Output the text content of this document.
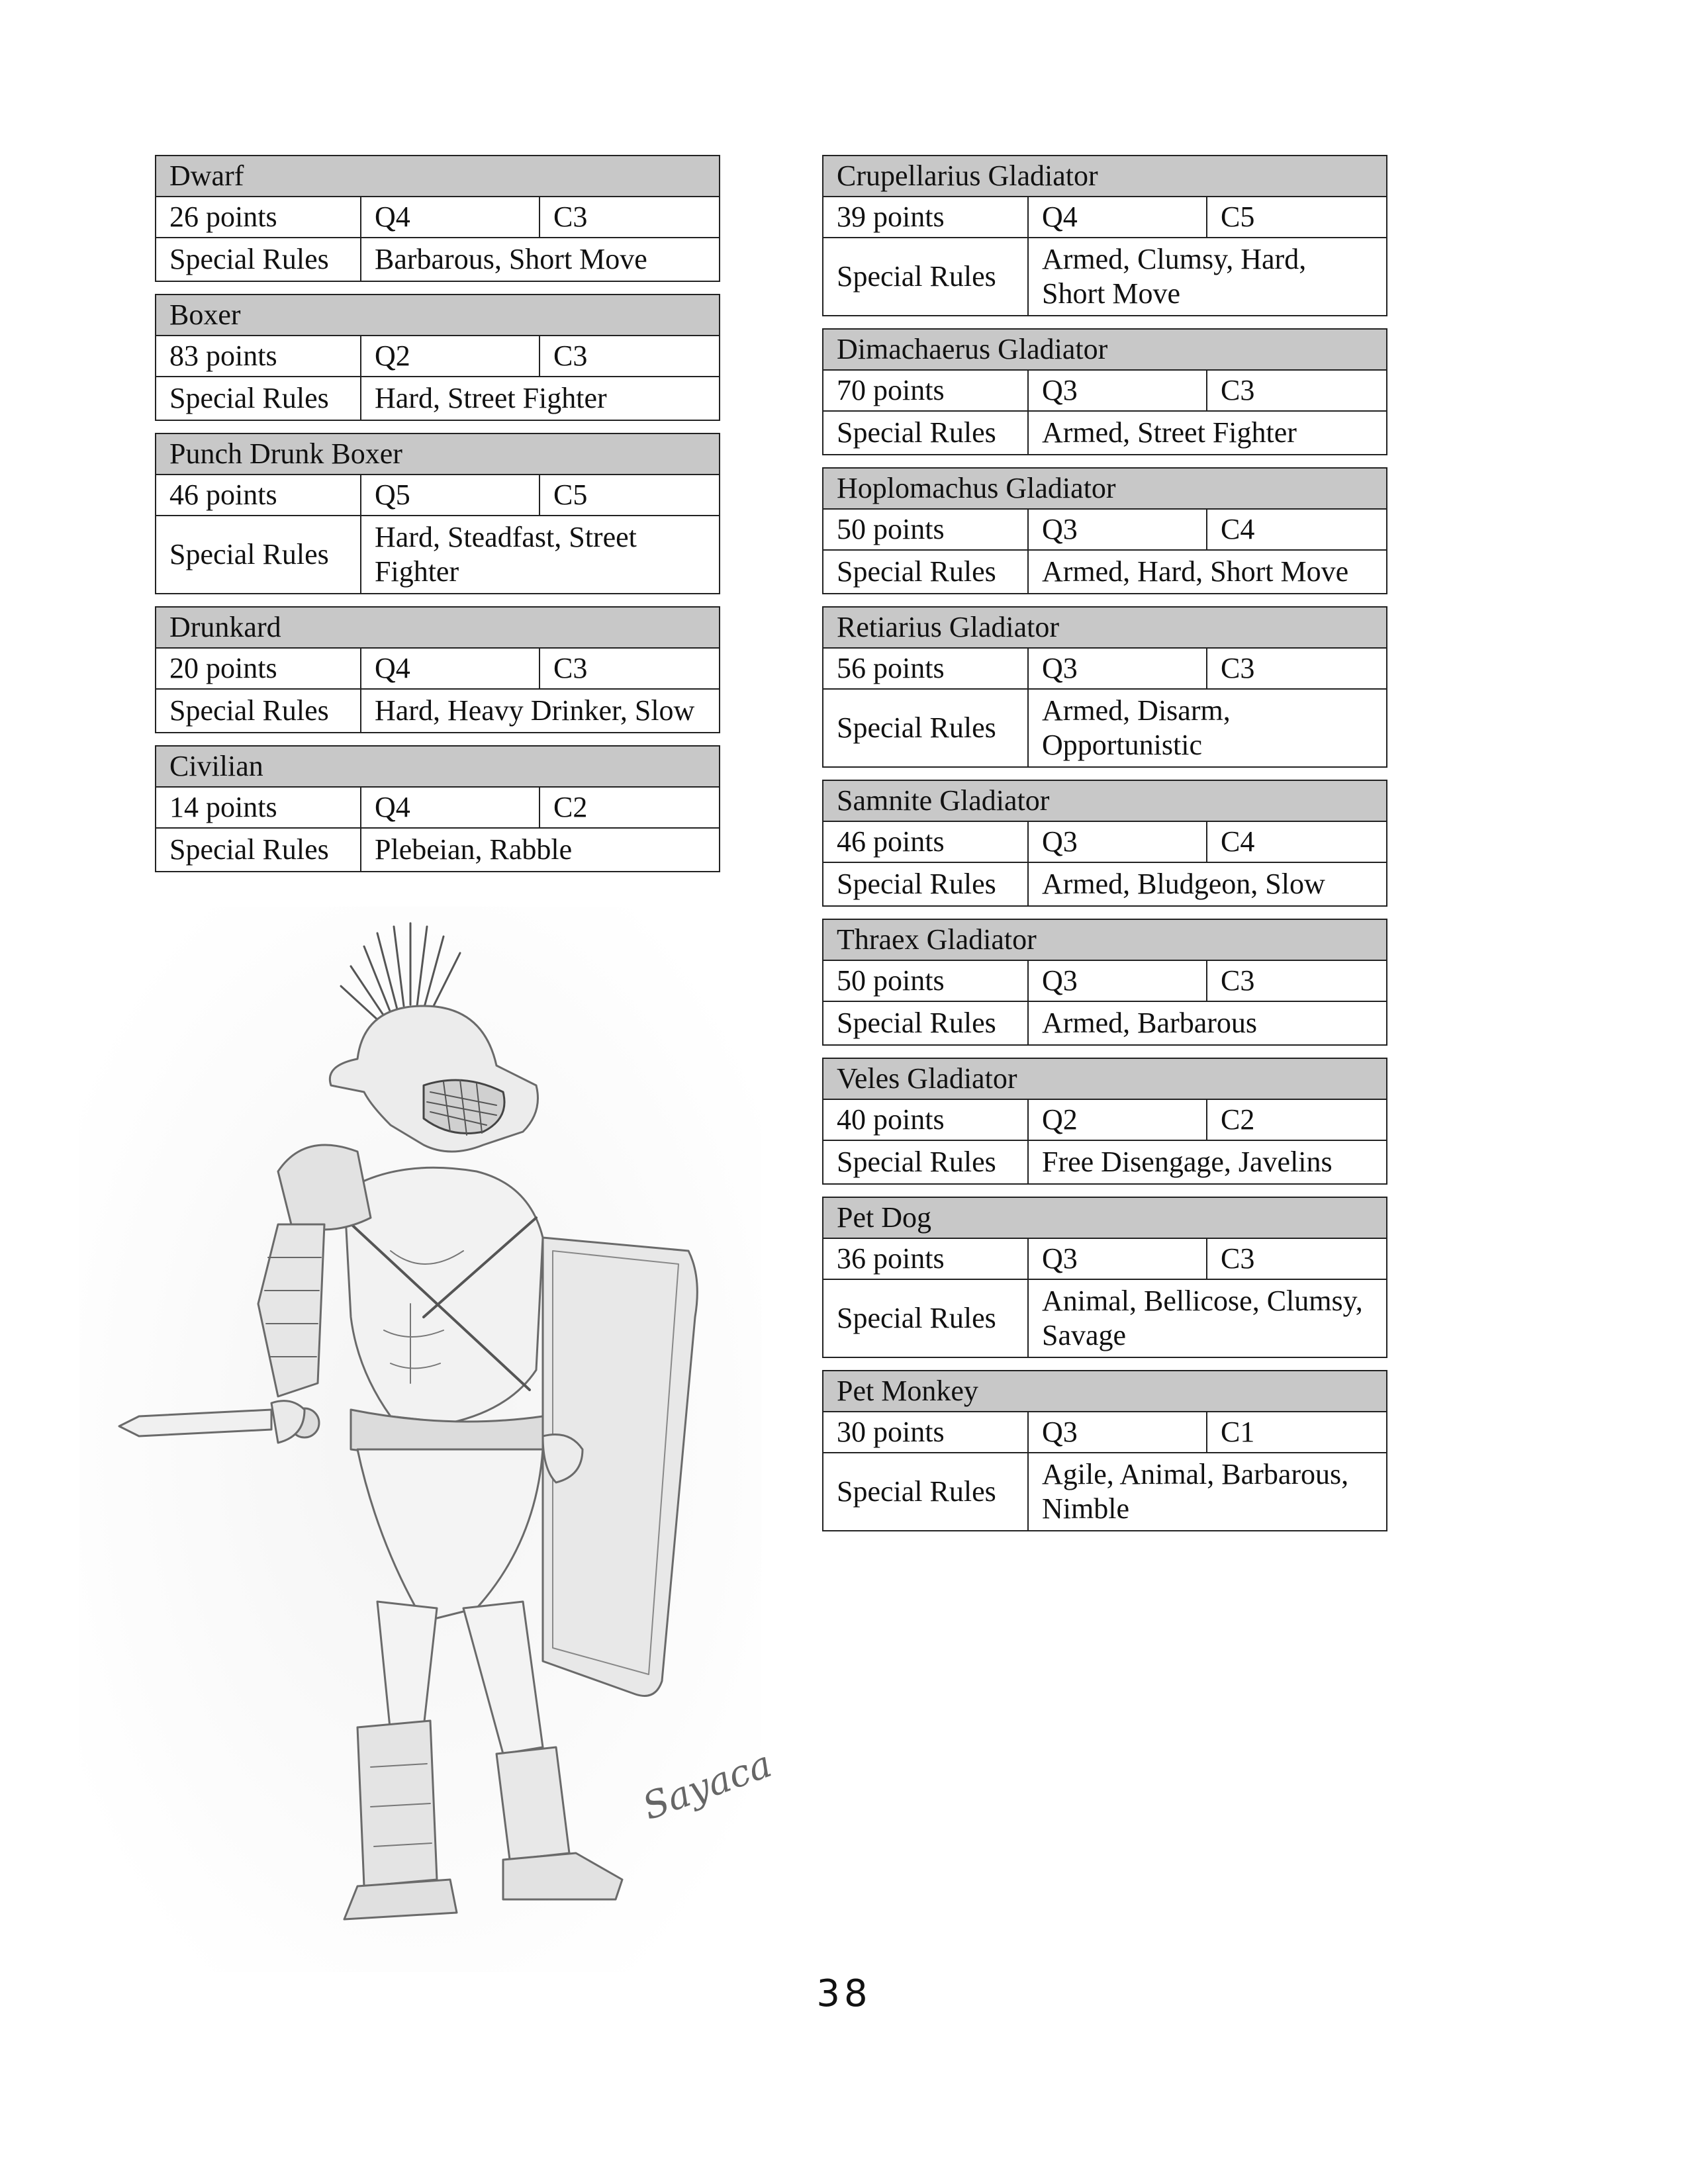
Dwarf		
26 points	Q4	C3
Special Rules	Barbarous, Short Move	
Boxer		
83 points	Q2	C3
Special Rules	Hard, Street Fighter	
Punch Drunk Boxer		
46 points	Q5	C5
Special Rules	Hard, Steadfast, Street Fighter	
Drunkard		
20 points	Q4	C3
Special Rules	Hard, Heavy Drinker, Slow	
Civilian		
14 points	Q4	C2
Special Rules	Plebeian, Rabble	
Crupellarius Gladiator		
39 points	Q4	C5
Special Rules	Armed, Clumsy, Hard, Short Move	
Dimachaerus Gladiator		
70 points	Q3	C3
Special Rules	Armed, Street Fighter	
Hoplomachus Gladiator		
50 points	Q3	C4
Special Rules	Armed, Hard, Short Move	
Retiarius Gladiator		
56 points	Q3	C3
Special Rules	Armed, Disarm, Opportunistic	
Samnite Gladiator		
46 points	Q3	C4
Special Rules	Armed, Bludgeon, Slow	
Thraex Gladiator		
50 points	Q3	C3
Special Rules	Armed, Barbarous	
Veles Gladiator		
40 points	Q2	C2
Special Rules	Free Disengage, Javelins	
Pet Dog		
36 points	Q3	C3
Special Rules	Animal, Bellicose, Clumsy, Savage	
Pet Monkey		
30 points	Q3	C1
Special Rules	Agile, Animal, Barbarous, Nimble	
Sayaca
38
